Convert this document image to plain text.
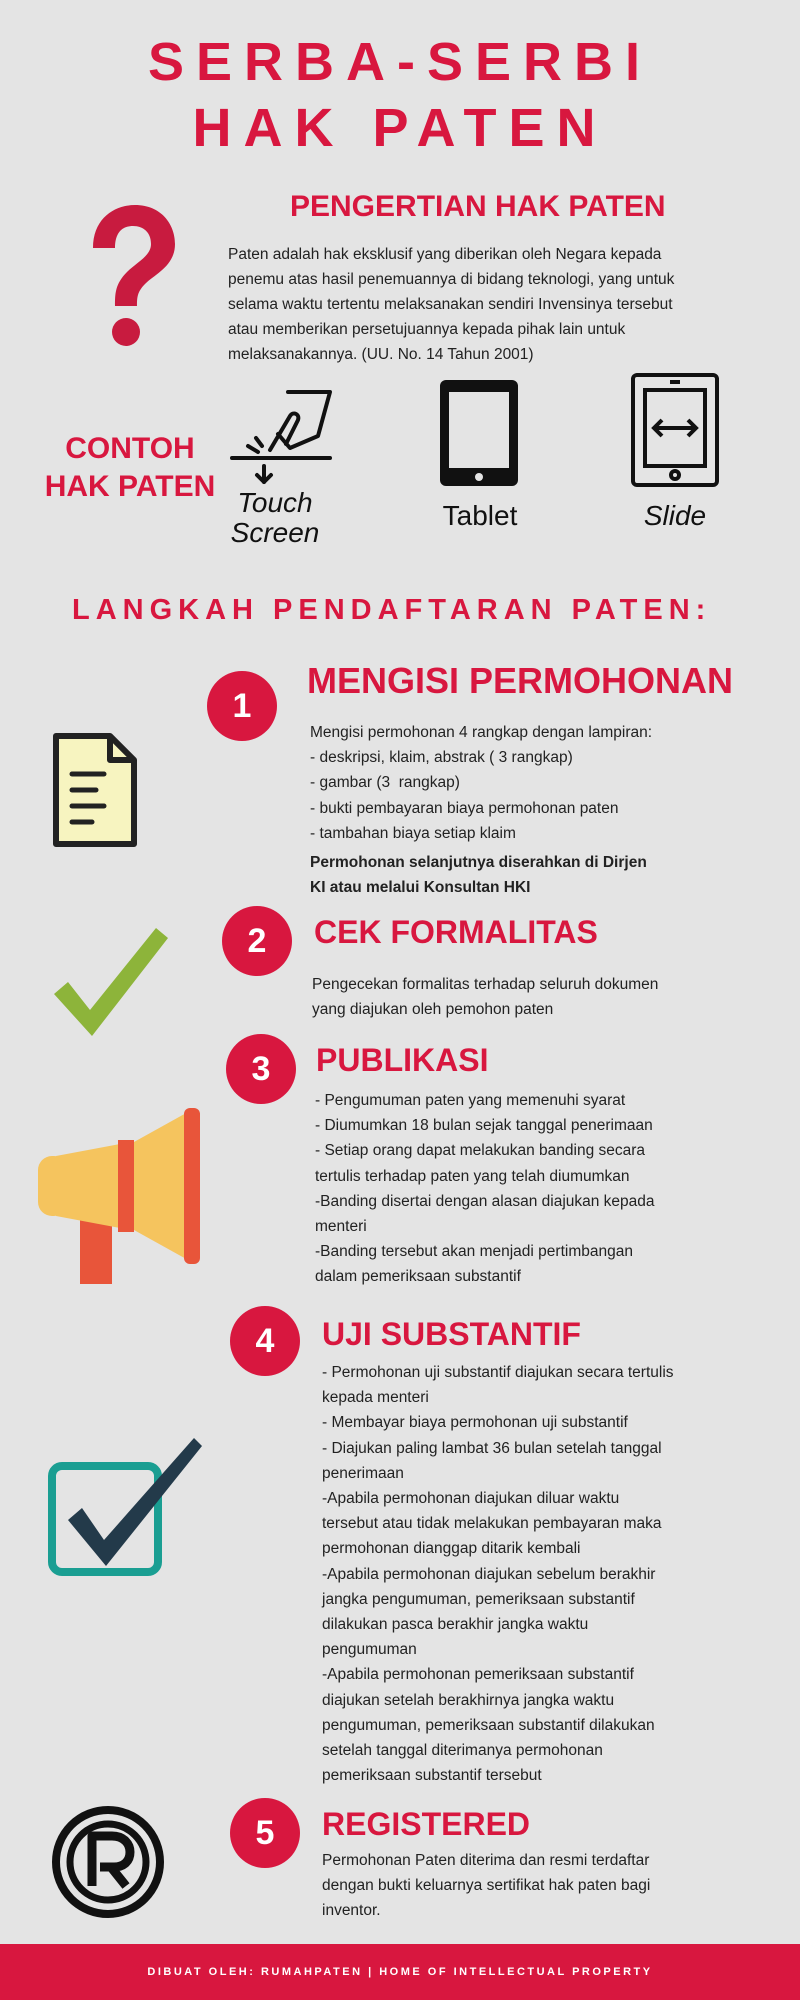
SERBA-SERBI
HAK PATEN
PENGERTIAN HAK PATEN
Paten adalah hak eksklusif yang diberikan oleh Negara kepada
penemu atas hasil penemuannya di bidang teknologi, yang untuk
selama waktu tertentu melaksanakan sendiri Invensinya tersebut
atau memberikan persetujuannya kepada pihak lain untuk
melaksanakannya. (UU. No. 14 Tahun 2001)
CONTOH
HAK PATEN Touch
Screen
Tablet	Slide
LANGKAH PENDAFTARAN PATEN:
1
MENGISI PERMOHONAN
Mengisi permohonan 4 rangkap dengan lampiran:
- deskripsi, klaim, abstrak ( 3 rangkap)
- gambar (3  rangkap)
- bukti pembayaran biaya permohonan paten
- tambahan biaya setiap klaim
Permohonan selanjutnya diserahkan di Dirjen
KI atau melalui Konsultan HKI
2	CEK FORMALITAS
Pengecekan formalitas terhadap seluruh dokumen
yang diajukan oleh pemohon paten
3	PUBLIKASI
- Pengumuman paten yang memenuhi syarat
- Diumumkan 18 bulan sejak tanggal penerimaan
- Setiap orang dapat melakukan banding secara
tertulis terhadap paten yang telah diumumkan
-Banding disertai dengan alasan diajukan kepada
menteri
-Banding tersebut akan menjadi pertimbangan
dalam pemeriksaan substantif
4	UJI SUBSTANTIF
- Permohonan uji substantif diajukan secara tertulis
kepada menteri
- Membayar biaya permohonan uji substantif
- Diajukan paling lambat 36 bulan setelah tanggal
penerimaan
-Apabila permohonan diajukan diluar waktu
tersebut atau tidak melakukan pembayaran maka
permohonan dianggap ditarik kembali
-Apabila permohonan diajukan sebelum berakhir
jangka pengumuman, pemeriksaan substantif
dilakukan pasca berakhir jangka waktu
pengumuman
-Apabila permohonan pemeriksaan substantif
diajukan setelah berakhirnya jangka waktu
pengumuman, pemeriksaan substantif dilakukan
setelah tanggal diterimanya permohonan
pemeriksaan substantif tersebut
5	REGISTERED
Permohonan Paten diterima dan resmi terdaftar
dengan bukti keluarnya sertifikat hak paten bagi
inventor.
DIBUAT OLEH: RUMAHPATEN | HOME OF INTELLECTUAL PROPERTY
